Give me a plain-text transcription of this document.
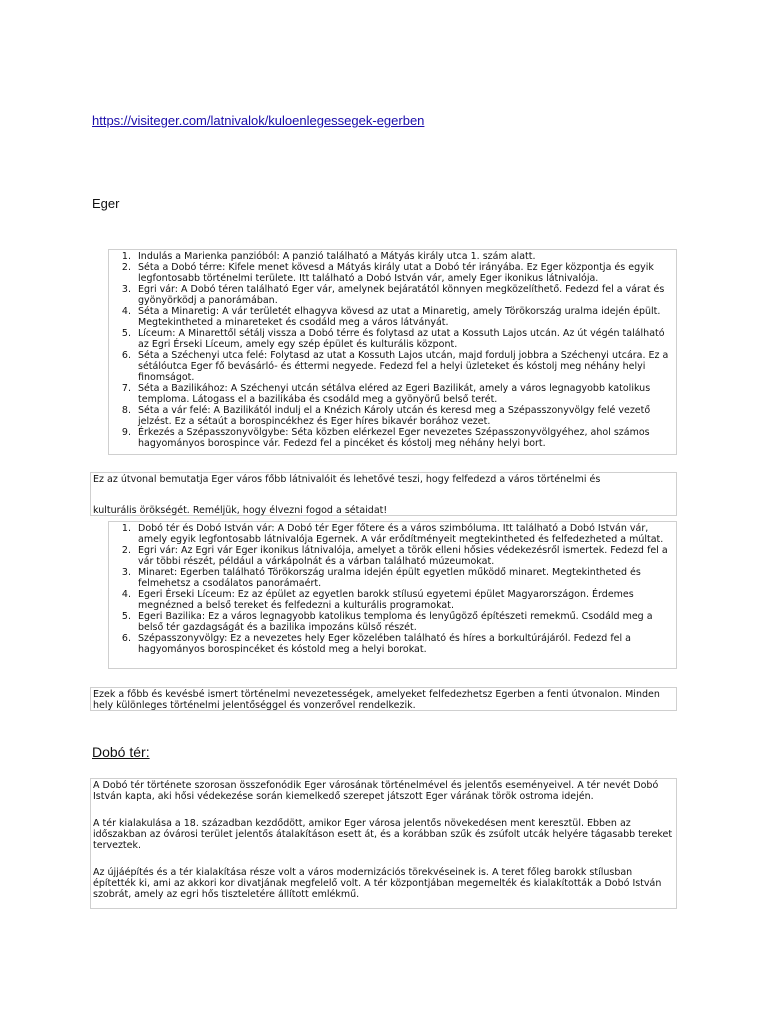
https://visiteger.com/latnivalok/kuloenlegessegek-egerben
Eger
1. Indulás a Marienka panzióból: A panzió található a Mátyás király utca 1. szám alatt.
2. Séta a Dobó térre: Kifele menet kövesd a Mátyás király utat a Dobó tér irányába. Ez Eger központja és egyik legfontosabb történelmi területe. Itt található a Dobó István vár, amely Eger ikonikus látnivalója.
3. Egri vár: A Dobó téren található Eger vár, amelynek bejáratától könnyen megközelíthető. Fedezd fel a várat és gyönyörködj a panorámában.
4. Séta a Minaretig: A vár területét elhagyva kövesd az utat a Minaretig, amely Törökország uralma idején épült. Megtekintheted a minareteket és csodáld meg a város látványát.
5. Líceum: A Minarettől sétálj vissza a Dobó térre és folytasd az utat a Kossuth Lajos utcán. Az út végén található az Egri Érseki Líceum, amely egy szép épület és kulturális központ.
6. Séta a Széchenyi utca felé: Folytasd az utat a Kossuth Lajos utcán, majd fordulj jobbra a Széchenyi utcára. Ez a sétálóutca Eger fő bevásárló- és éttermi negyede. Fedezd fel a helyi üzleteket és kóstolj meg néhány helyi finomságot.
7. Séta a Bazilikához: A Széchenyi utcán sétálva eléred az Egeri Bazilikát, amely a város legnagyobb katolikus temploma. Látogass el a bazilikába és csodáld meg a gyönyörű belső terét.
8. Séta a vár felé: A Bazilikától indulj el a Knézich Károly utcán és keresd meg a Szépasszonyvölgy felé vezető jelzést. Ez a sétaút a borospincékhez és Eger híres bikavér borához vezet.
9. Érkezés a Szépasszonyvölgybe: Séta közben elérkezel Eger nevezetes Szépasszonyvölgyéhez, ahol számos hagyományos borospince vár. Fedezd fel a pincéket és kóstolj meg néhány helyi bort.

Ez az útvonal bemutatja Eger város főbb látnivalóit és lehetővé teszi, hogy felfedezd a város történelmi és

kulturális örökségét. Reméljük, hogy élvezni fogod a sétaidat!

1. Dobó tér és Dobó István vár: A Dobó tér Eger főtere és a város szimbóluma. Itt található a Dobó István vár, amely egyik legfontosabb látnivalója Egernek. A vár erődítményeit megtekintheted és felfedezheted a múltat.
2. Egri vár: Az Egri vár Eger ikonikus látnivalója, amelyet a török elleni hősies védekezésről ismertek. Fedezd fel a vár többi részét, például a várkápolnát és a várban található múzeumokat.
3. Minaret: Egerben található Törökország uralma idején épült egyetlen működő minaret. Megtekintheted és felmehetsz a csodálatos panorámaért.
4. Egeri Érseki Líceum: Ez az épület az egyetlen barokk stílusú egyetemi épület Magyarországon. Érdemes megnézned a belső tereket és felfedezni a kulturális programokat.
5. Egeri Bazilika: Ez a város legnagyobb katolikus temploma és lenyűgöző építészeti remekmű. Csodáld meg a belső tér gazdagságát és a bazilika impozáns külső részét.
6. Szépasszonyvölgy: Ez a nevezetes hely Eger közelében található és híres a borkultúrájáról. Fedezd fel a hagyományos borospincéket és kóstold meg a helyi borokat.

Ezek a főbb és kevésbé ismert történelmi nevezetességek, amelyeket felfedezhetsz Egerben a fenti útvonalon. Minden hely különleges történelmi jelentőséggel és vonzerővel rendelkezik.

Dobó tér:

A Dobó tér története szorosan összefonódik Eger városának történelmével és jelentős eseményeivel. A tér nevét Dobó István kapta, aki hősi védekezése során kiemelkedő szerepet játszott Eger várának török ostroma idején.

A tér kialakulása a 18. században kezdődött, amikor Eger városa jelentős növekedésen ment keresztül. Ebben az időszakban az óvárosi terület jelentős átalakításon esett át, és a korábban szűk és zsúfolt utcák helyére tágasabb tereket terveztek.

Az újjáépítés és a tér kialakítása része volt a város modernizációs törekvéseinek is. A teret főleg barokk stílusban építették ki, ami az akkori kor divatjának megfelelő volt. A tér központjában megemelték és kialakították a Dobó István szobrát, amely az egri hős tiszteletére állított emlékmű.
